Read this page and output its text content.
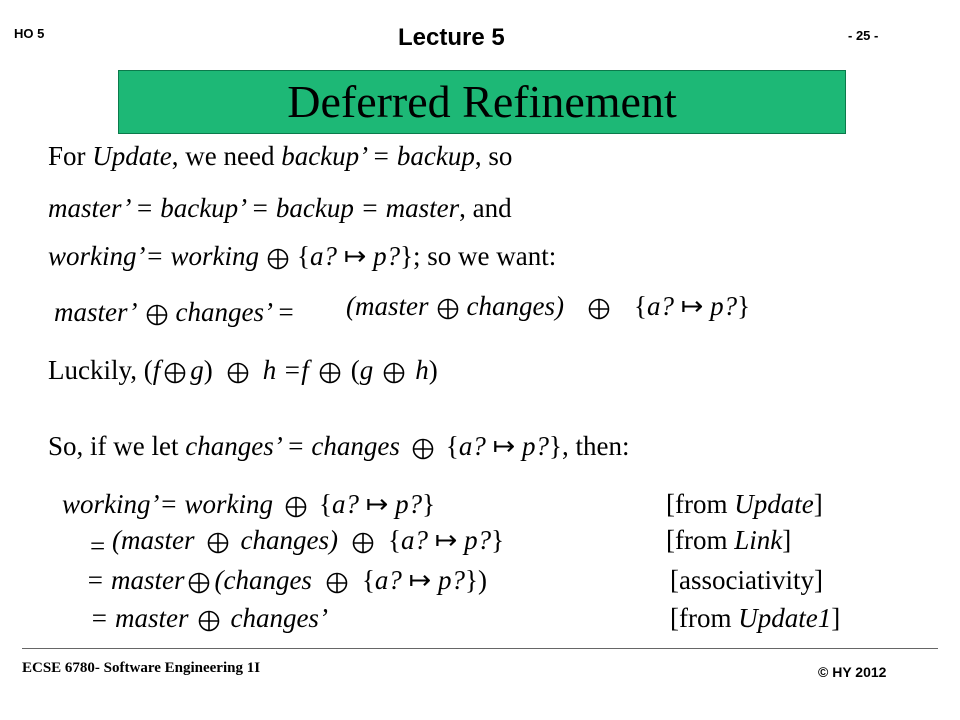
HO 5	Lecture 5	- 25 -
Deferred Refinement
For Update, we need backup’ = backup, so
master’ = backup’ = backup = master, and
working’= working {a? ↦ p?}; so we want:
master’ changes’ = (master changes)	{a? ↦ p?}
Luckily, (f g) h =f (g h)
So, if we let changes’ = changes {a? ↦ p?}, then:
working’= working {a? ↦ p?}	[from Update]
= (master changes) {a? ↦ p?}	[from Link]
= master (changes {a? ↦ p?})	[associativity]
= master changes’	[from Update1]
ECSE 6780- Software Engineering 1I	© HY 2012
